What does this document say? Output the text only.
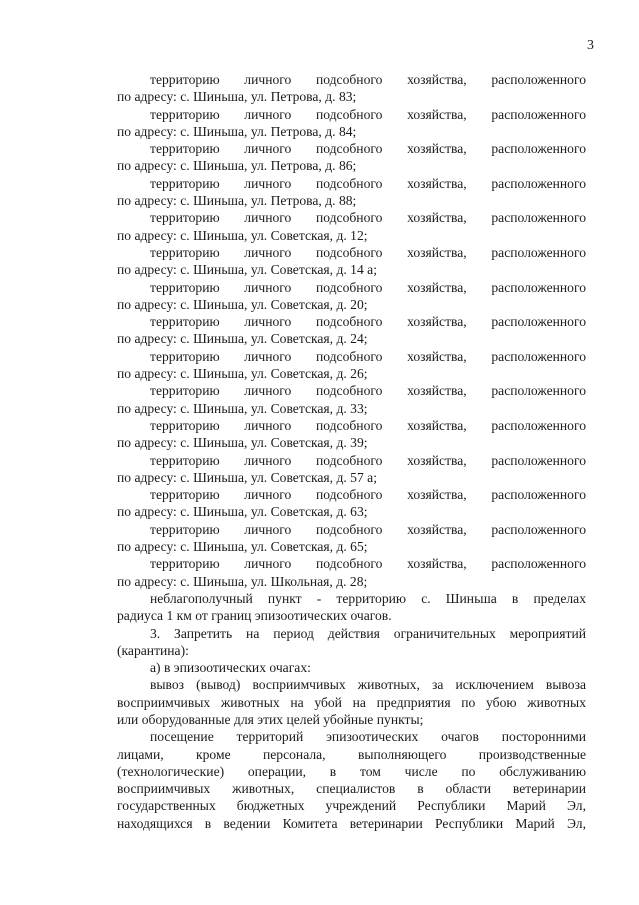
3
территорию личного подсобного хозяйства, расположенного
по адресу: с. Шиньша, ул. Петрова, д. 83;
территорию личного подсобного хозяйства, расположенного
по адресу: с. Шиньша, ул. Петрова, д. 84;
территорию личного подсобного хозяйства, расположенного
по адресу: с. Шиньша, ул. Петрова, д. 86;
территорию личного подсобного хозяйства, расположенного
по адресу: с. Шиньша, ул. Петрова, д. 88;
территорию личного подсобного хозяйства, расположенного
по адресу: с. Шиньша, ул. Советская, д. 12;
территорию личного подсобного хозяйства, расположенного
по адресу: с. Шиньша, ул. Советская, д. 14 а;
территорию личного подсобного хозяйства, расположенного
по адресу: с. Шиньша, ул. Советская, д. 20;
территорию личного подсобного хозяйства, расположенного
по адресу: с. Шиньша, ул. Советская, д. 24;
территорию личного подсобного хозяйства, расположенного
по адресу: с. Шиньша, ул. Советская, д. 26;
территорию личного подсобного хозяйства, расположенного
по адресу: с. Шиньша, ул. Советская, д. 33;
территорию личного подсобного хозяйства, расположенного
по адресу: с. Шиньша, ул. Советская, д. 39;
территорию личного подсобного хозяйства, расположенного
по адресу: с. Шиньша, ул. Советская, д. 57 а;
территорию личного подсобного хозяйства, расположенного
по адресу: с. Шиньша, ул. Советская, д. 63;
территорию личного подсобного хозяйства, расположенного
по адресу: с. Шиньша, ул. Советская, д. 65;
территорию личного подсобного хозяйства, расположенного
по адресу: с. Шиньша, ул. Школьная, д. 28;
неблагополучный пункт - территорию с. Шиньша в пределах
радиуса 1 км от границ эпизоотических очагов.
3. Запретить на период действия ограничительных мероприятий
(карантина):
а) в эпизоотических очагах:
вывоз (вывод) восприимчивых животных, за исключением вывоза
восприимчивых животных на убой на предприятия по убою животных
или оборудованные для этих целей убойные пункты;
посещение территорий эпизоотических очагов посторонними
лицами, кроме персонала, выполняющего производственные
(технологические) операции, в том числе по обслуживанию
восприимчивых животных, специалистов в области ветеринарии
государственных бюджетных учреждений Республики Марий Эл,
находящихся в ведении Комитета ветеринарии Республики Марий Эл,
